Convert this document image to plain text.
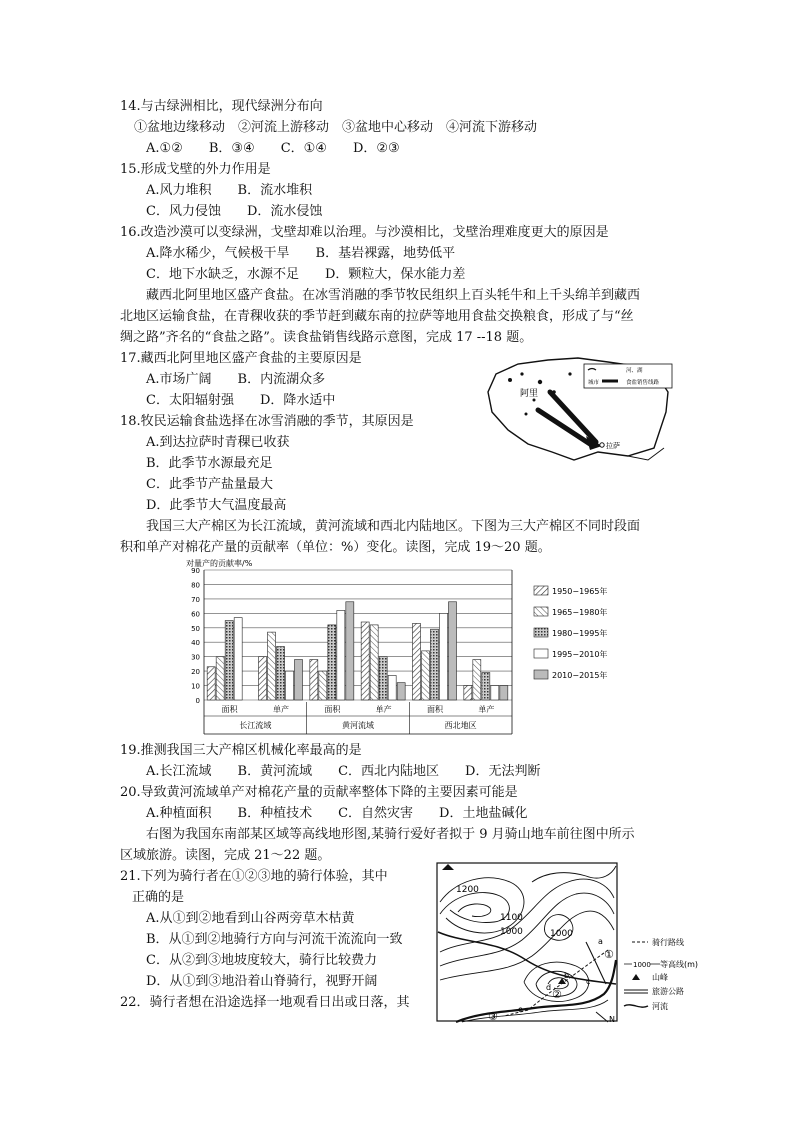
14.与古绿洲相比，现代绿洲分布向
①盆地边缘移动　②河流上游移动　③盆地中心移动　④河流下游移动
A.①②　　B．③④　　C．①④　　D．②③
15.形成戈壁的外力作用是
A.风力堆积　　B．流水堆积
C．风力侵蚀　　D．流水侵蚀
16.改造沙漠可以变绿洲，戈壁却难以治理。与沙漠相比，戈壁治理难度更大的原因是
A.降水稀少，气候极干旱　　B．基岩裸露，地势低平
C．地下水缺乏，水源不足　　D．颗粒大，保水能力差
藏西北阿里地区盛产食盐。在冰雪消融的季节牧民组织上百头牦牛和上千头绵羊到藏西
北地区运输食盐，在青稞收获的季节赶到藏东南的拉萨等地用食盐交换粮食，形成了与“丝
绸之路”齐名的“食盐之路”。读食盐销售线路示意图，完成 17 --18 题。
17.藏西北阿里地区盛产食盐的主要原因是
A.市场广阔　　B．内流湖众多
C．太阳辐射强　　D．降水适中
18.牧民运输食盐选择在冰雪消融的季节，其原因是
A.到达拉萨时青稞已收获
B．此季节水源最充足
C．此季节产盐量最大
D．此季节大气温度最高
阿里
拉萨
河、湖
城市	食盐销售线路
我国三大产棉区为长江流域，黄河流域和西北内陆地区。下图为三大产棉区不同时段面
积和单产对棉花产量的贡献率（单位：%）变化。读图，完成 19～20 题。
0
10
20
30
40
50
60
70
80
90
面积	单产	面积	单产	面积	单产
长江流域	黄河流域	西北地区
对量产的贡献率/%
1950−1965年
1965−1980年
1980−1995年
1995−2010年
2010−2015年
19.推测我国三大产棉区机械化率最高的是
A.长江流域　　B．黄河流域　　C．西北内陆地区　　D．无法判断
20.导致黄河流域单产对棉花产量的贡献率整体下降的主要因素可能是
A.种植面积　　B．种植技术　　C．自然灾害　　D．土地盐碱化
右图为我国东南部某区域等高线地形图,某骑行爱好者拟于 9 月骑山地车前往图中所示
区域旅游。读图，完成 21～22 题。
21.下列为骑行者在①②③地的骑行体验，其中
正确的是
A.从①到②地看到山谷两旁草木枯黄
B．从①到②地骑行方向与河流干流流向一致
C．从②到③地坡度较大，骑行比较费力
D．从①到③地沿着山脊骑行，视野开阔
22．骑行者想在沿途选择一地观看日出或日落，其
1200
1100
1000	1000
①
②
③
a
b
c
d
e
N
骑行路线
1000 等高线(m)
山峰
旅游公路
河流
